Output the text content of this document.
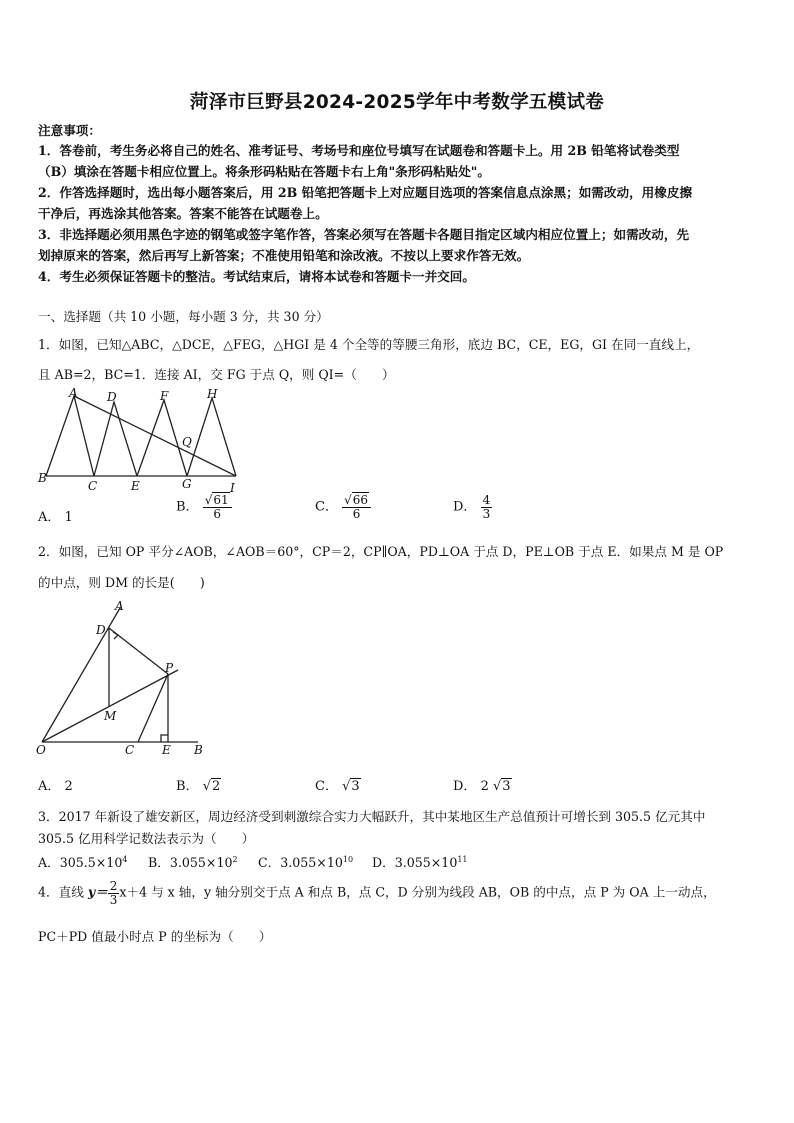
菏泽市巨野县2024-2025学年中考数学五模试卷
注意事项：
1．答卷前，考生务必将自己的姓名、准考证号、考场号和座位号填写在试题卷和答题卡上。用 2B 铅笔将试卷类型
（B）填涂在答题卡相应位置上。将条形码粘贴在答题卡右上角"条形码粘贴处"。
2．作答选择题时，选出每小题答案后，用 2B 铅笔把答题卡上对应题目选项的答案信息点涂黑；如需改动，用橡皮擦
干净后，再选涂其他答案。答案不能答在试题卷上。
3．非选择题必须用黑色字迹的钢笔或签字笔作答，答案必须写在答题卡各题目指定区域内相应位置上；如需改动，先
划掉原来的答案，然后再写上新答案；不准使用铅笔和涂改液。不按以上要求作答无效。
4．考生必须保证答题卡的整洁。考试结束后，请将本试卷和答题卡一并交回。
一、选择题（共 10 小题，每小题 3 分，共 30 分）
1．如图，已知△ABC，△DCE，△FEG，△HGI 是 4 个全等的等腰三角形，底边 BC，CE，EG，GI 在同一直线上，
且 AB=2，BC=1．连接 AI，交 FG 于点 Q，则 QI=（　　）
A D	F	H
Q
B
C	E	G	I
A． 1
B． $\frac{√61}{6}$	C． $\frac{√66}{6}$	D． $\frac{4}{3}$
2．如图，已知 OP 平分∠AOB，∠AOB＝60°，CP＝2，CP∥OA，PD⊥OA 于点 D，PE⊥OB 于点 E．如果点 M 是 OP
的中点，则 DM 的长是(　　)
A
D
P
M
O	C E B
A． 2	B． √2	C． √3	D． 2 √3
3．2017 年新设了雄安新区，周边经济受到刺激综合实力大幅跃升，其中某地区生产总值预计可增长到 305.5 亿元其中
305.5 亿用科学记数法表示为（　　）
A．$305.5\times 10^4$ B．$3.055\times 10^2$ C．$3.055\times 10^{10}$ D．$3.055\times 10^{11}$
4．直线 $y= \frac{2}{3} x+4$ 与 x 轴，y 轴分别交于点 A 和点 B，点 C，D 分别为线段 AB，OB 的中点，点 P 为 OA 上一动点，
PC＋PD 值最小时点 P 的坐标为（　　）
